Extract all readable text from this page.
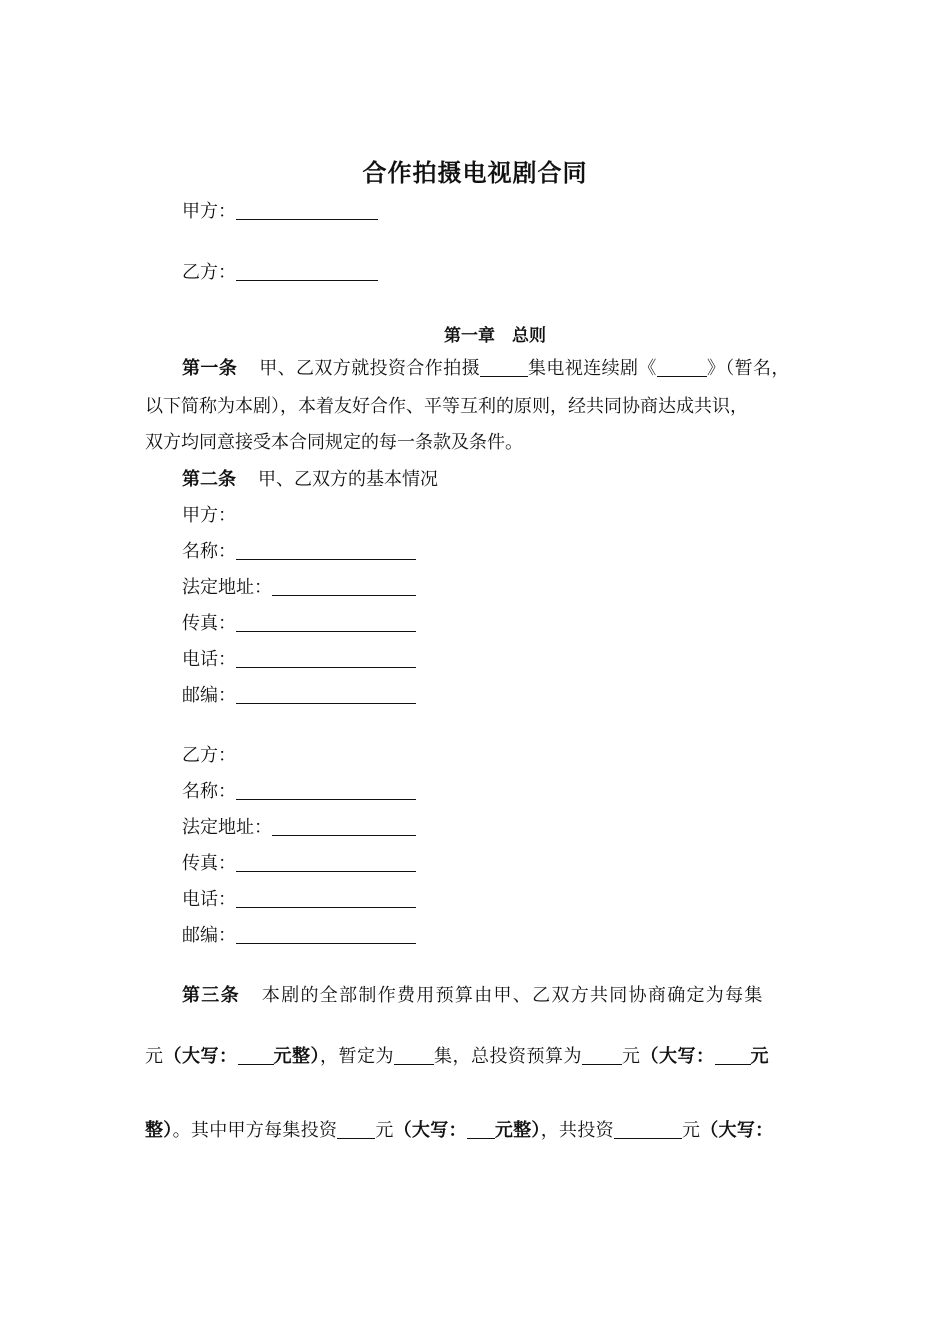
合作拍摄电视剧合同
甲方：
乙方：
第一章　总则
第一条 甲、乙双方就投资合作拍摄	集电视连续剧《	》（暂名，
以下简称为本剧），本着友好合作、平等互利的原则，经共同协商达成共识，
双方均同意接受本合同规定的每一条款及条件。
第二条 甲、乙双方的基本情况
甲方：
名称：
法定地址：
传真：
电话：
邮编：
乙方：
名称：
法定地址：
传真：
电话：
邮编：
第三条 本剧的全部制作费用预算由甲、乙双方共同协商确定为每集
元（大写： 元整），暂定为 集，总投资预算为 元（大写： 元
整）。其中甲方每集投资 元（大写： 元整），共投资	元（大写：
